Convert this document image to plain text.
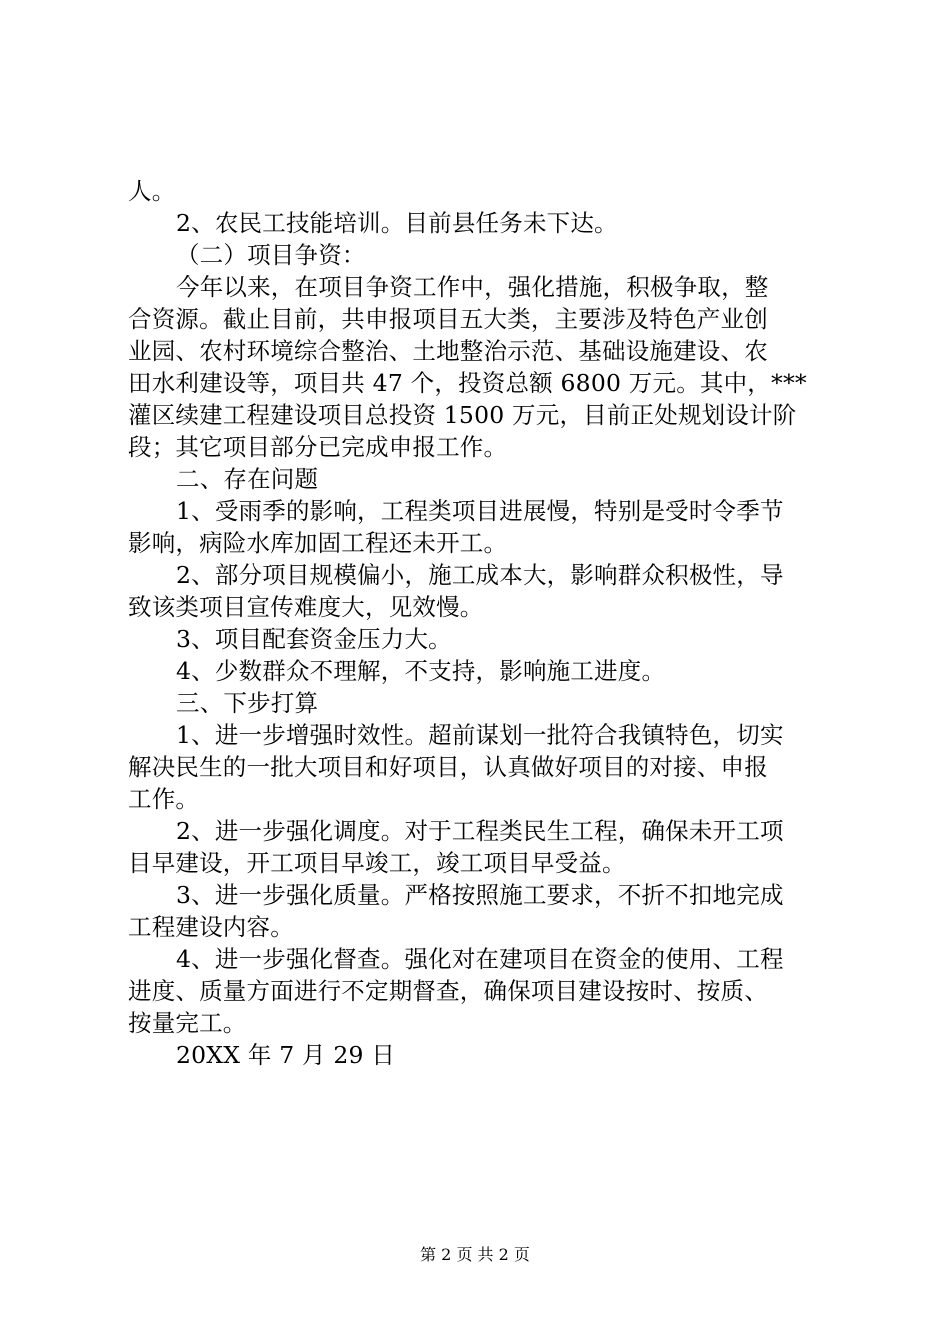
人。
2、农民工技能培训。目前县任务未下达。
（二）项目争资：
今年以来，在项目争资工作中，强化措施，积极争取，整
合资源。截止目前，共申报项目五大类，主要涉及特色产业创
业园、农村环境综合整治、土地整治示范、基础设施建设、农
田水利建设等，项目共 47 个，投资总额 6800 万元。其中，***
灌区续建工程建设项目总投资 1500 万元，目前正处规划设计阶
段；其它项目部分已完成申报工作。
二、存在问题
1、受雨季的影响，工程类项目进展慢，特别是受时令季节
影响，病险水库加固工程还未开工。
2、部分项目规模偏小，施工成本大，影响群众积极性，导
致该类项目宣传难度大，见效慢。
3、项目配套资金压力大。
4、少数群众不理解，不支持，影响施工进度。
三、下步打算
1、进一步增强时效性。超前谋划一批符合我镇特色，切实
解决民生的一批大项目和好项目，认真做好项目的对接、申报
工作。
2、进一步强化调度。对于工程类民生工程，确保未开工项
目早建设，开工项目早竣工，竣工项目早受益。
3、进一步强化质量。严格按照施工要求，不折不扣地完成
工程建设内容。
4、进一步强化督查。强化对在建项目在资金的使用、工程
进度、质量方面进行不定期督查，确保项目建设按时、按质、
按量完工。
20XX 年 7 月 29 日
第 2 页 共 2 页
